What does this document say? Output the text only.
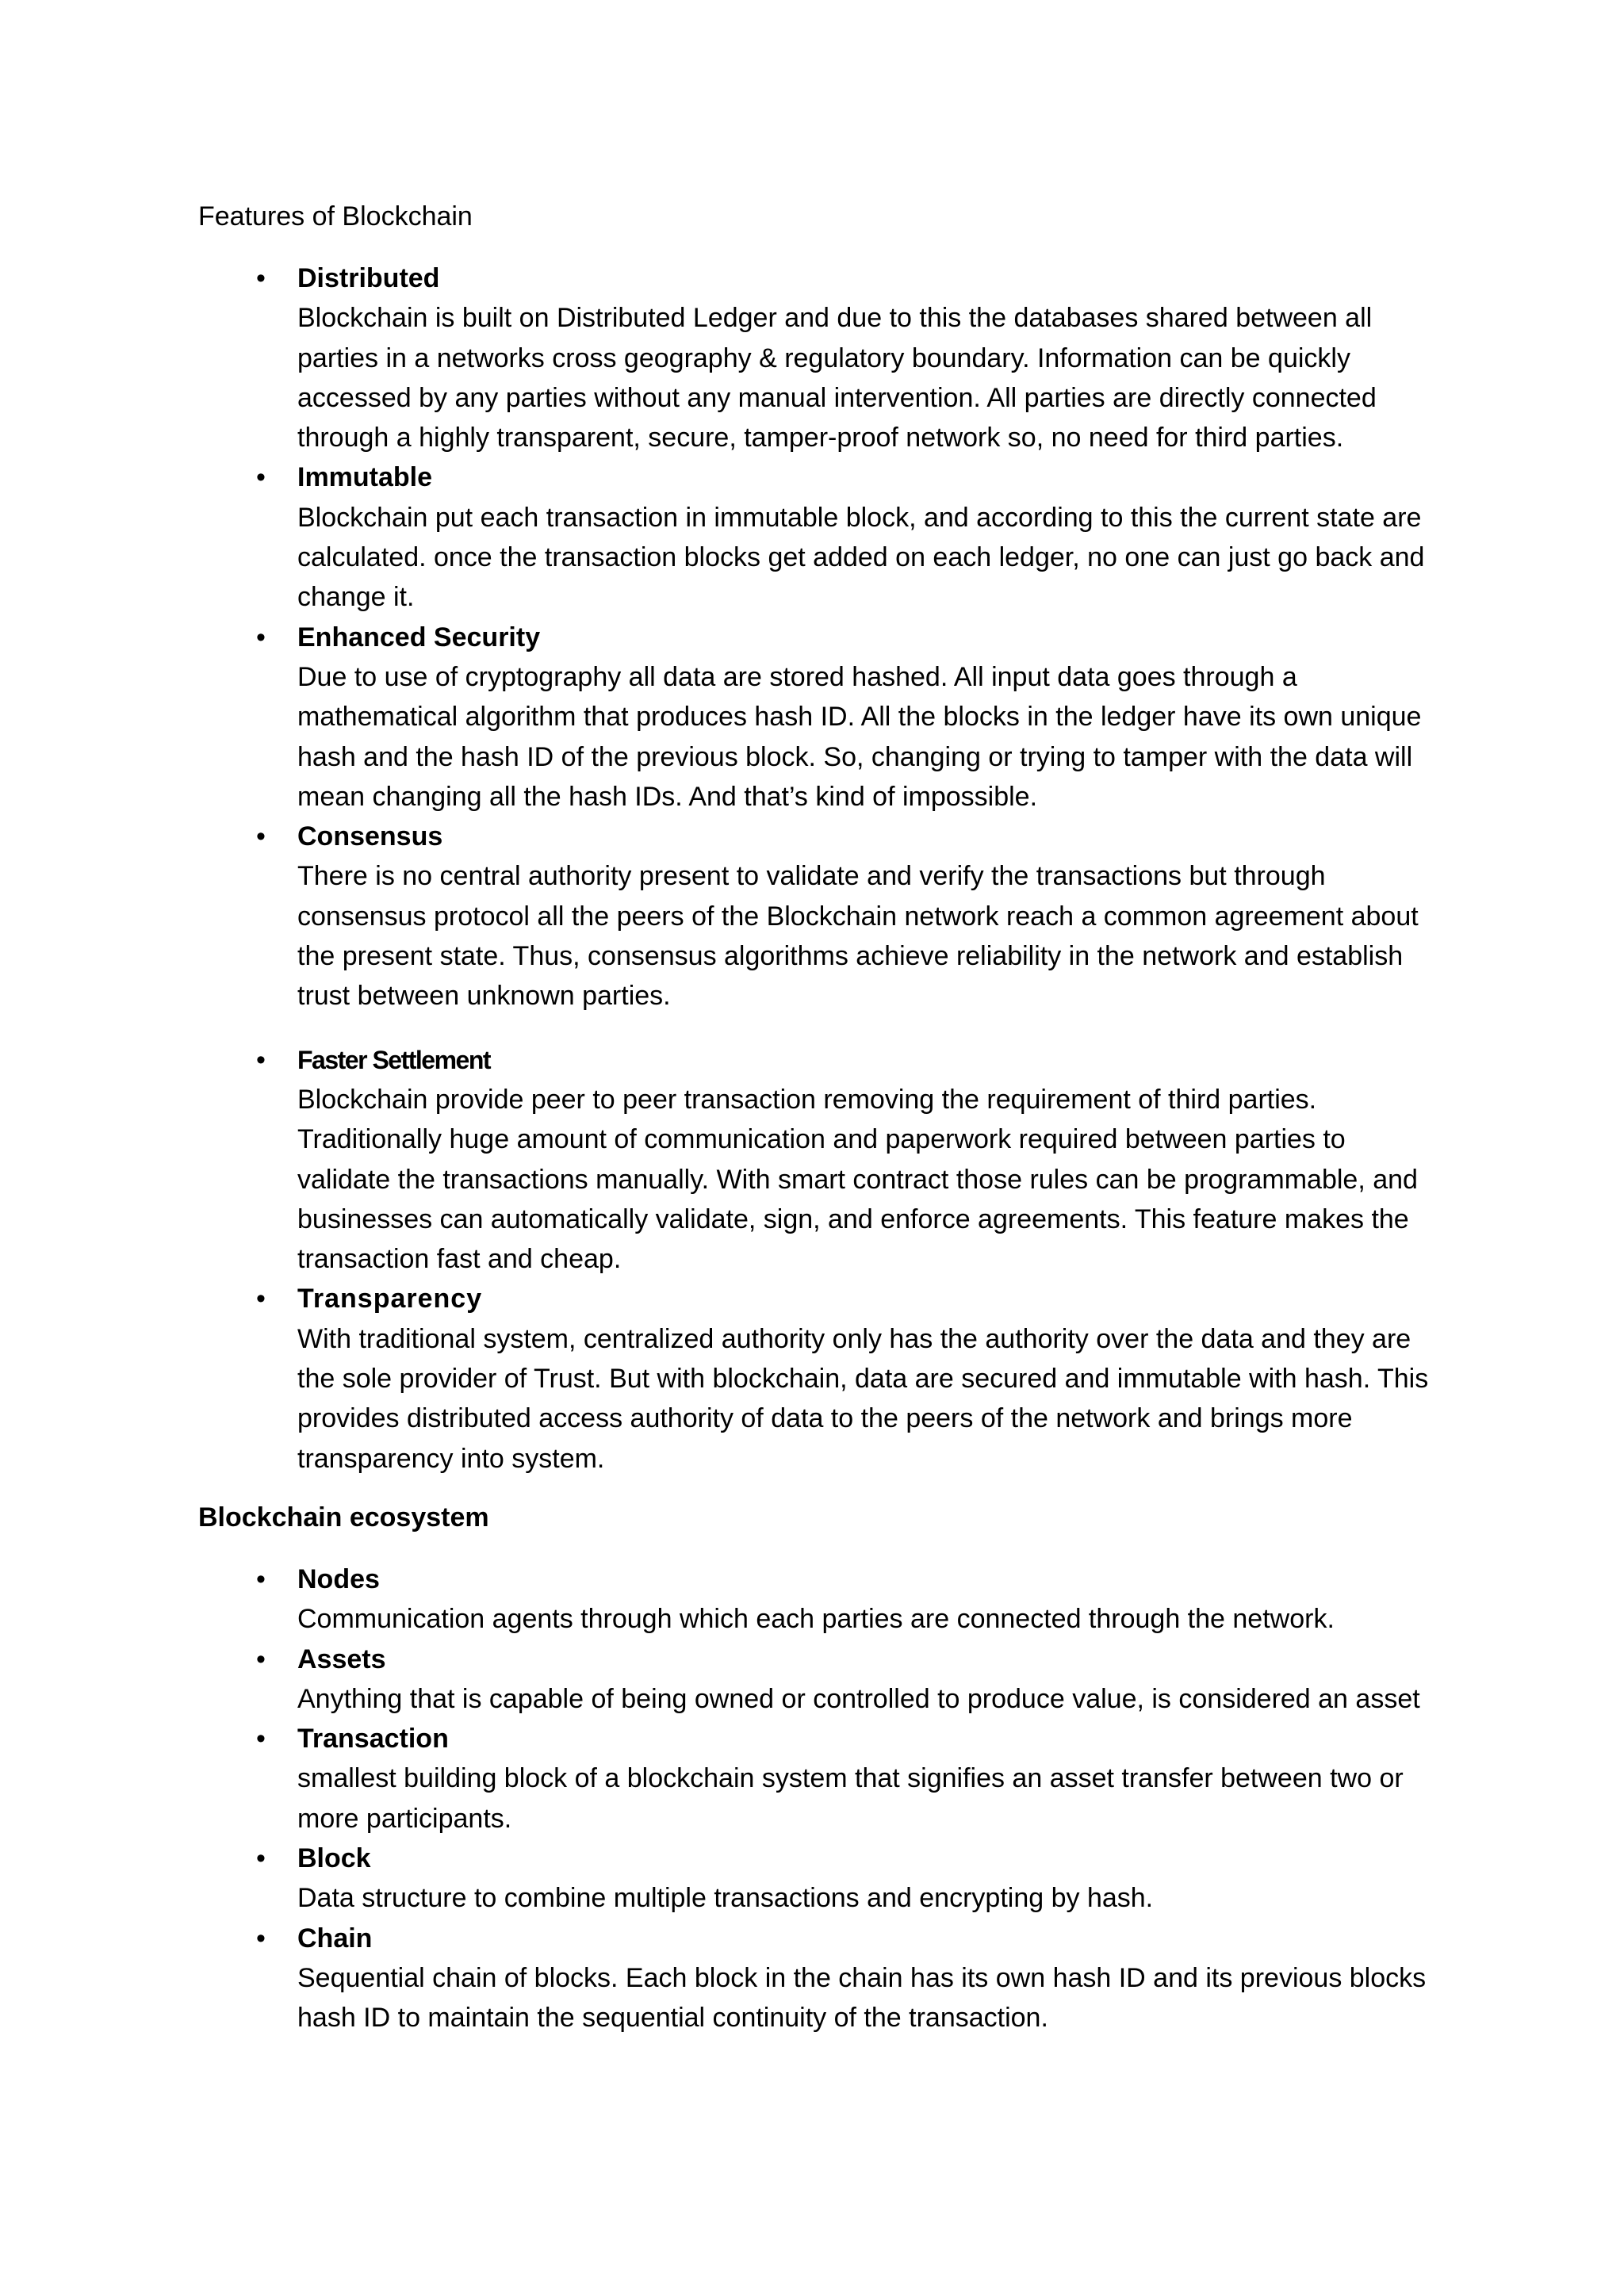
Features of Blockchain

• Distributed
Blockchain is built on Distributed Ledger and due to this the databases shared between all parties in a networks cross geography & regulatory boundary. Information can be quickly accessed by any parties without any manual intervention. All parties are directly connected through a highly transparent, secure, tamper-proof network so, no need for third parties.
• Immutable
Blockchain put each transaction in immutable block, and according to this the current state are calculated. once the transaction blocks get added on each ledger, no one can just go back and change it.
• Enhanced Security
Due to use of cryptography all data are stored hashed. All input data goes through a mathematical algorithm that produces hash ID. All the blocks in the ledger have its own unique hash and the hash ID of the previous block. So, changing or trying to tamper with the data will mean changing all the hash IDs. And that’s kind of impossible.
• Consensus
There is no central authority present to validate and verify the transactions but through consensus protocol all the peers of the Blockchain network reach a common agreement about the present state. Thus, consensus algorithms achieve reliability in the network and establish trust between unknown parties.
• Faster Settlement
Blockchain provide peer to peer transaction removing the requirement of third parties. Traditionally huge amount of communication and paperwork required between parties to validate the transactions manually. With smart contract those rules can be programmable, and businesses can automatically validate, sign, and enforce agreements. This feature makes the transaction fast and cheap.
• Transparency
With traditional system, centralized authority only has the authority over the data and they are the sole provider of Trust. But with blockchain, data are secured and immutable with hash. This provides distributed access authority of data to the peers of the network and brings more transparency into system.

Blockchain ecosystem

• Nodes
Communication agents through which each parties are connected through the network.
• Assets
Anything that is capable of being owned or controlled to produce value, is considered an asset
• Transaction
smallest building block of a blockchain system that signifies an asset transfer between two or more participants.
• Block
Data structure to combine multiple transactions and encrypting by hash.
• Chain
Sequential chain of blocks. Each block in the chain has its own hash ID and its previous blocks hash ID to maintain the sequential continuity of the transaction.
